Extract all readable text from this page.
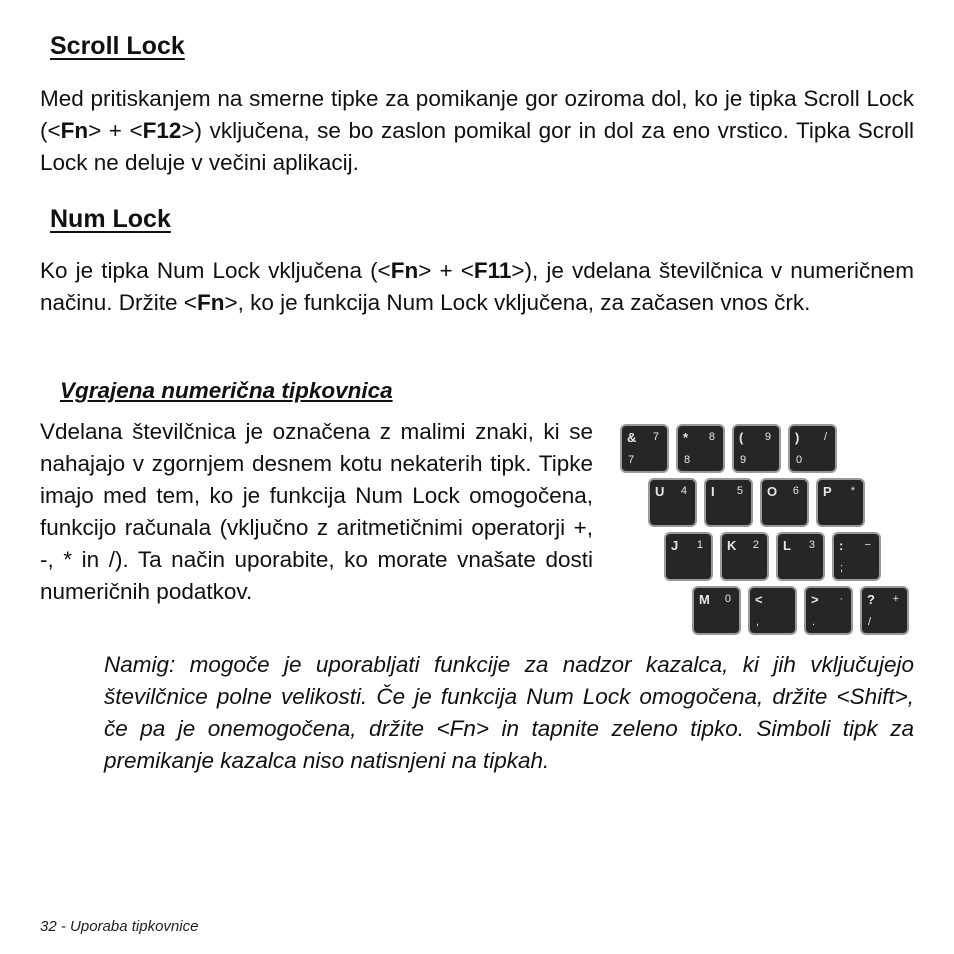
Scroll Lock

Med pritiskanjem na smerne tipke za pomikanje gor oziroma dol, ko je tipka Scroll Lock (<Fn> + <F12>) vključena, se bo zaslon pomikal gor in dol za eno vrstico. Tipka Scroll Lock ne deluje v večini aplikacij.

Num Lock

Ko je tipka Num Lock vključena (<Fn> + <F11>), je vdelana številčnica v numeričnem načinu. Držite <Fn>, ko je funkcija Num Lock vključena, za začasen vnos črk.

Vgrajena numerična tipkovnica

Vdelana številčnica je označena z malimi znaki, ki se nahajajo v zgornjem desnem kotu nekaterih tipk. Tipke imajo med tem, ko je funkcija Num Lock omogočena, funkcijo računala (vključno z aritmetičnimi operatorji +, -, * in /). Ta način uporabite, ko morate vnašate dosti numeričnih podatkov.

& 7
7
* 8
8
( 9
9
) /
0
U 4 I 5 O 6 P *
J 1 K 2 L 3 : −
;
M 0 <
,
> ·
.
? +
/

Namig: mogoče je uporabljati funkcije za nadzor kazalca, ki jih vključujejo številčnice polne velikosti. Če je funkcija Num Lock omogočena, držite <Shift>, če pa je onemogočena, držite <Fn> in tapnite zeleno tipko. Simboli tipk za premikanje kazalca niso natisnjeni na tipkah.

32 - Uporaba tipkovnice
